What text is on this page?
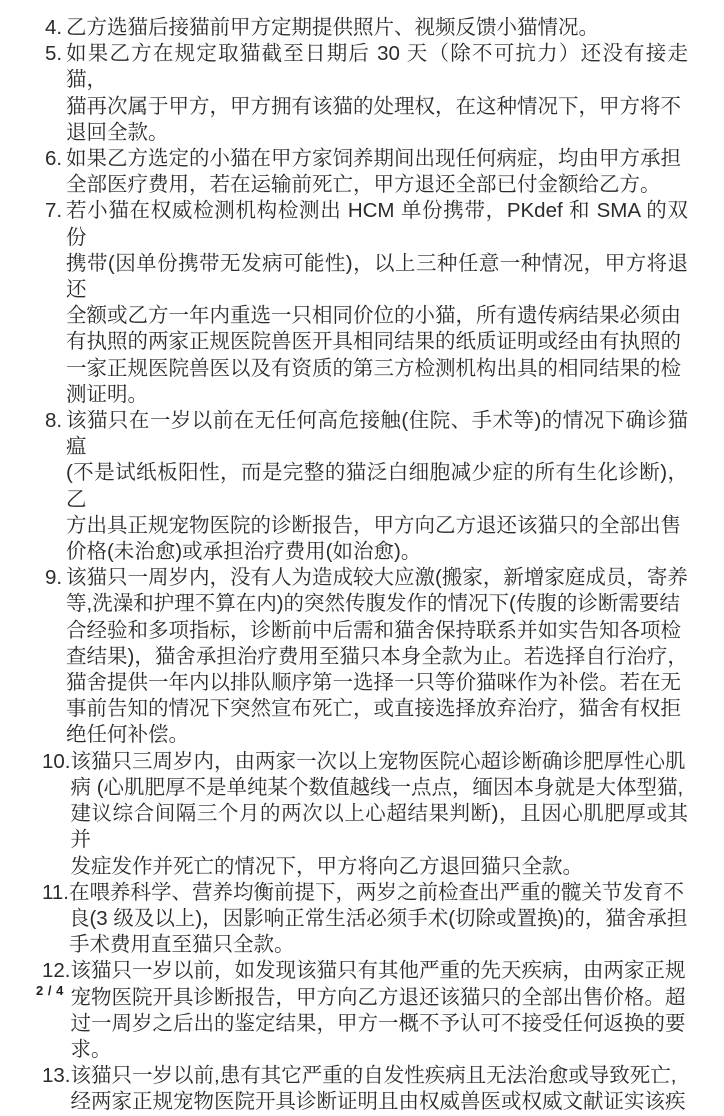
4. 乙方选猫后接猫前甲方定期提供照片、视频反馈小猫情况。
5. 如果乙方在规定取猫截至日期后 30 天（除不可抗力）还没有接走猫，
猫再次属于甲方，甲方拥有该猫的处理权，在这种情况下，甲方将不
退回全款。
6. 如果乙方选定的小猫在甲方家饲养期间出现任何病症，均由甲方承担
全部医疗费用，若在运输前死亡，甲方退还全部已付金额给乙方。
7. 若小猫在权威检测机构检测出 HCM 单份携带，PKdef 和 SMA 的双份
携带(因单份携带无发病可能性)，以上三种任意一种情况，甲方将退还
全额或乙方一年内重选一只相同价位的小猫，所有遗传病结果必须由
有执照的两家正规医院兽医开具相同结果的纸质证明或经由有执照的
一家正规医院兽医以及有资质的第三方检测机构出具的相同结果的检
测证明。
8. 该猫只在一岁以前在无任何高危接触(住院、手术等)的情况下确诊猫瘟
(不是试纸板阳性，而是完整的猫泛白细胞减少症的所有生化诊断)，乙
方出具正规宠物医院的诊断报告，甲方向乙方退还该猫只的全部出售
价格(未治愈)或承担治疗费用(如治愈)。
9. 该猫只一周岁内，没有人为造成较大应激(搬家，新增家庭成员，寄养
等,洗澡和护理不算在内)的突然传腹发作的情况下(传腹的诊断需要结
合经验和多项指标，诊断前中后需和猫舍保持联系并如实告知各项检
查结果)，猫舍承担治疗费用至猫只本身全款为止。若选择自行治疗，
猫舍提供一年内以排队顺序第一选择一只等价猫咪作为补偿。若在无
事前告知的情况下突然宣布死亡，或直接选择放弃治疗，猫舍有权拒
绝任何补偿。
10. 该猫只三周岁内，由两家一次以上宠物医院心超诊断确诊肥厚性心肌
病 (心肌肥厚不是单纯某个数值越线一点点，缅因本身就是大体型猫,
建议综合间隔三个月的两次以上心超结果判断)，且因心肌肥厚或其并
发症发作并死亡的情况下，甲方将向乙方退回猫只全款。
11. 在喂养科学、营养均衡前提下，两岁之前检查出严重的髋关节发育不
良(3 级及以上)，因影响正常生活必须手术(切除或置换)的，猫舍承担
手术费用直至猫只全款。
12. 该猫只一岁以前，如发现该猫只有其他严重的先天疾病，由两家正规
宠物医院开具诊断报告，甲方向乙方退还该猫只的全部出售价格。超
过一周岁之后出的鉴定结果，甲方一概不予认可不接受任何返换的要
求。
13. 该猫只一岁以前,患有其它严重的自发性疾病且无法治愈或导致死亡,
经两家正规宠物医院开具诊断证明且由权威兽医或权威文献证实该疾
2 / 4
